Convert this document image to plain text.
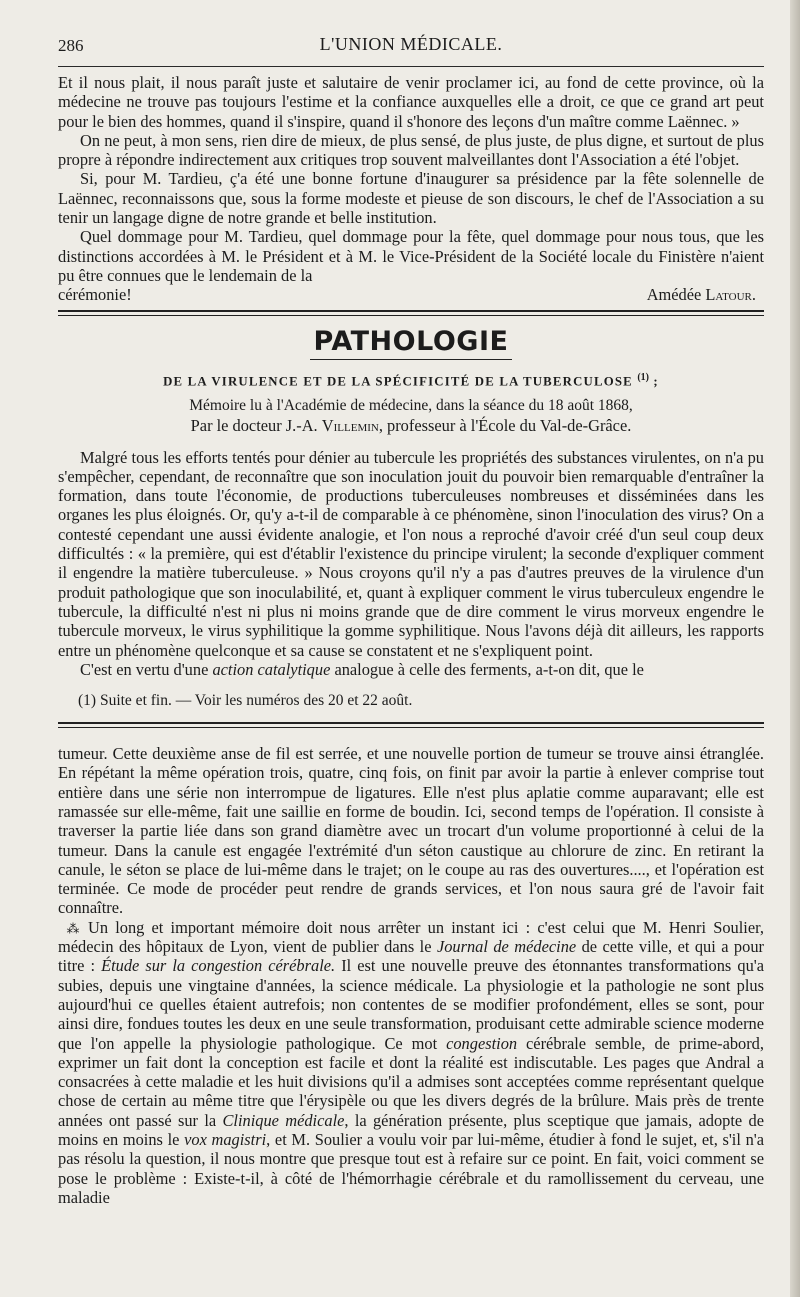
286	L'UNION MÉDICALE.

Et il nous plait, il nous paraît juste et salutaire de venir proclamer ici, au fond de cette province, où la médecine ne trouve pas toujours l'estime et la confiance auxquelles elle a droit, ce que ce grand art peut pour le bien des hommes, quand il s'inspire, quand il s'honore des leçons d'un maître comme Laënnec. »

On ne peut, à mon sens, rien dire de mieux, de plus sensé, de plus juste, de plus digne, et surtout de plus propre à répondre indirectement aux critiques trop souvent malveillantes dont l'Association a été l'objet.

Si, pour M. Tardieu, ç'a été une bonne fortune d'inaugurer sa présidence par la fête solennelle de Laënnec, reconnaissons que, sous la forme modeste et pieuse de son discours, le chef de l'Association a su tenir un langage digne de notre grande et belle institution.

Quel dommage pour M. Tardieu, quel dommage pour la fête, quel dommage pour nous tous, que les distinctions accordées à M. le Président et à M. le Vice-Président de la Société locale du Finistère n'aient pu être connues que le lendemain de la

cérémonie!	Amédée Latour.
PATHOLOGIE
DE LA VIRULENCE ET DE LA SPÉCIFICITÉ DE LA TUBERCULOSE $^{(1)}$ ;
Mémoire lu à l'Académie de médecine, dans la séance du 18 août 1868,
Par le docteur J.-A. Villemin, professeur à l'École du Val-de-Grâce.

Malgré tous les efforts tentés pour dénier au tubercule les propriétés des substances virulentes, on n'a pu s'empêcher, cependant, de reconnaître que son inoculation jouit du pouvoir bien remarquable d'entraîner la formation, dans toute l'économie, de productions tuberculeuses nombreuses et disséminées dans les organes les plus éloignés. Or, qu'y a-t-il de comparable à ce phénomène, sinon l'inoculation des virus? On a contesté cependant une aussi évidente analogie, et l'on nous a reproché d'avoir créé d'un seul coup deux difficultés : « la première, qui est d'établir l'existence du principe virulent; la seconde d'expliquer comment il engendre la matière tuberculeuse. » Nous croyons qu'il n'y a pas d'autres preuves de la virulence d'un produit pathologique que son inoculabilité, et, quant à expliquer comment le virus tuberculeux engendre le tubercule, la difficulté n'est ni plus ni moins grande que de dire comment le virus morveux engendre le tubercule morveux, le virus syphilitique la gomme syphilitique. Nous l'avons déjà dit ailleurs, les rapports entre un phénomène quelconque et sa cause se constatent et ne s'expliquent point.

C'est en vertu d'une action catalytique analogue à celle des ferments, a-t-on dit, que le

(1) Suite et fin. — Voir les numéros des 20 et 22 août.

tumeur. Cette deuxième anse de fil est serrée, et une nouvelle portion de tumeur se trouve ainsi étranglée. En répétant la même opération trois, quatre, cinq fois, on finit par avoir la partie à enlever comprise tout entière dans une série non interrompue de ligatures. Elle n'est plus aplatie comme auparavant; elle est ramassée sur elle-même, fait une saillie en forme de boudin. Ici, second temps de l'opération. Il consiste à traverser la partie liée dans son grand diamètre avec un trocart d'un volume proportionné à celui de la tumeur. Dans la canule est engagée l'extrémité d'un séton caustique au chlorure de zinc. En retirant la canule, le séton se place de lui-même dans le trajet; on le coupe au ras des ouvertures...., et l'opération est terminée. Ce mode de procéder peut rendre de grands services, et l'on nous saura gré de l'avoir fait connaître.

⁂ Un long et important mémoire doit nous arrêter un instant ici : c'est celui que M. Henri Soulier, médecin des hôpitaux de Lyon, vient de publier dans le Journal de médecine de cette ville, et qui a pour titre : Étude sur la congestion cérébrale. Il est une nouvelle preuve des étonnantes transformations qu'a subies, depuis une vingtaine d'années, la science médicale. La physiologie et la pathologie ne sont plus aujourd'hui ce quelles étaient autrefois; non contentes de se modifier profondément, elles se sont, pour ainsi dire, fondues toutes les deux en une seule transformation, produisant cette admirable science moderne que l'on appelle la physiologie pathologique. Ce mot congestion cérébrale semble, de prime-abord, exprimer un fait dont la conception est facile et dont la réalité est indiscutable. Les pages que Andral a consacrées à cette maladie et les huit divisions qu'il a admises sont acceptées comme représentant quelque chose de certain au même titre que l'érysipèle ou que les divers degrés de la brûlure. Mais près de trente années ont passé sur la Clinique médicale, la génération présente, plus sceptique que jamais, adopte de moins en moins le vox magistri, et M. Soulier a voulu voir par lui-même, étudier à fond le sujet, et, s'il n'a pas résolu la question, il nous montre que presque tout est à refaire sur ce point. En fait, voici comment se pose le problème : Existe-t-il, à côté de l'hémorrhagie cérébrale et du ramollissement du cerveau, une maladie
